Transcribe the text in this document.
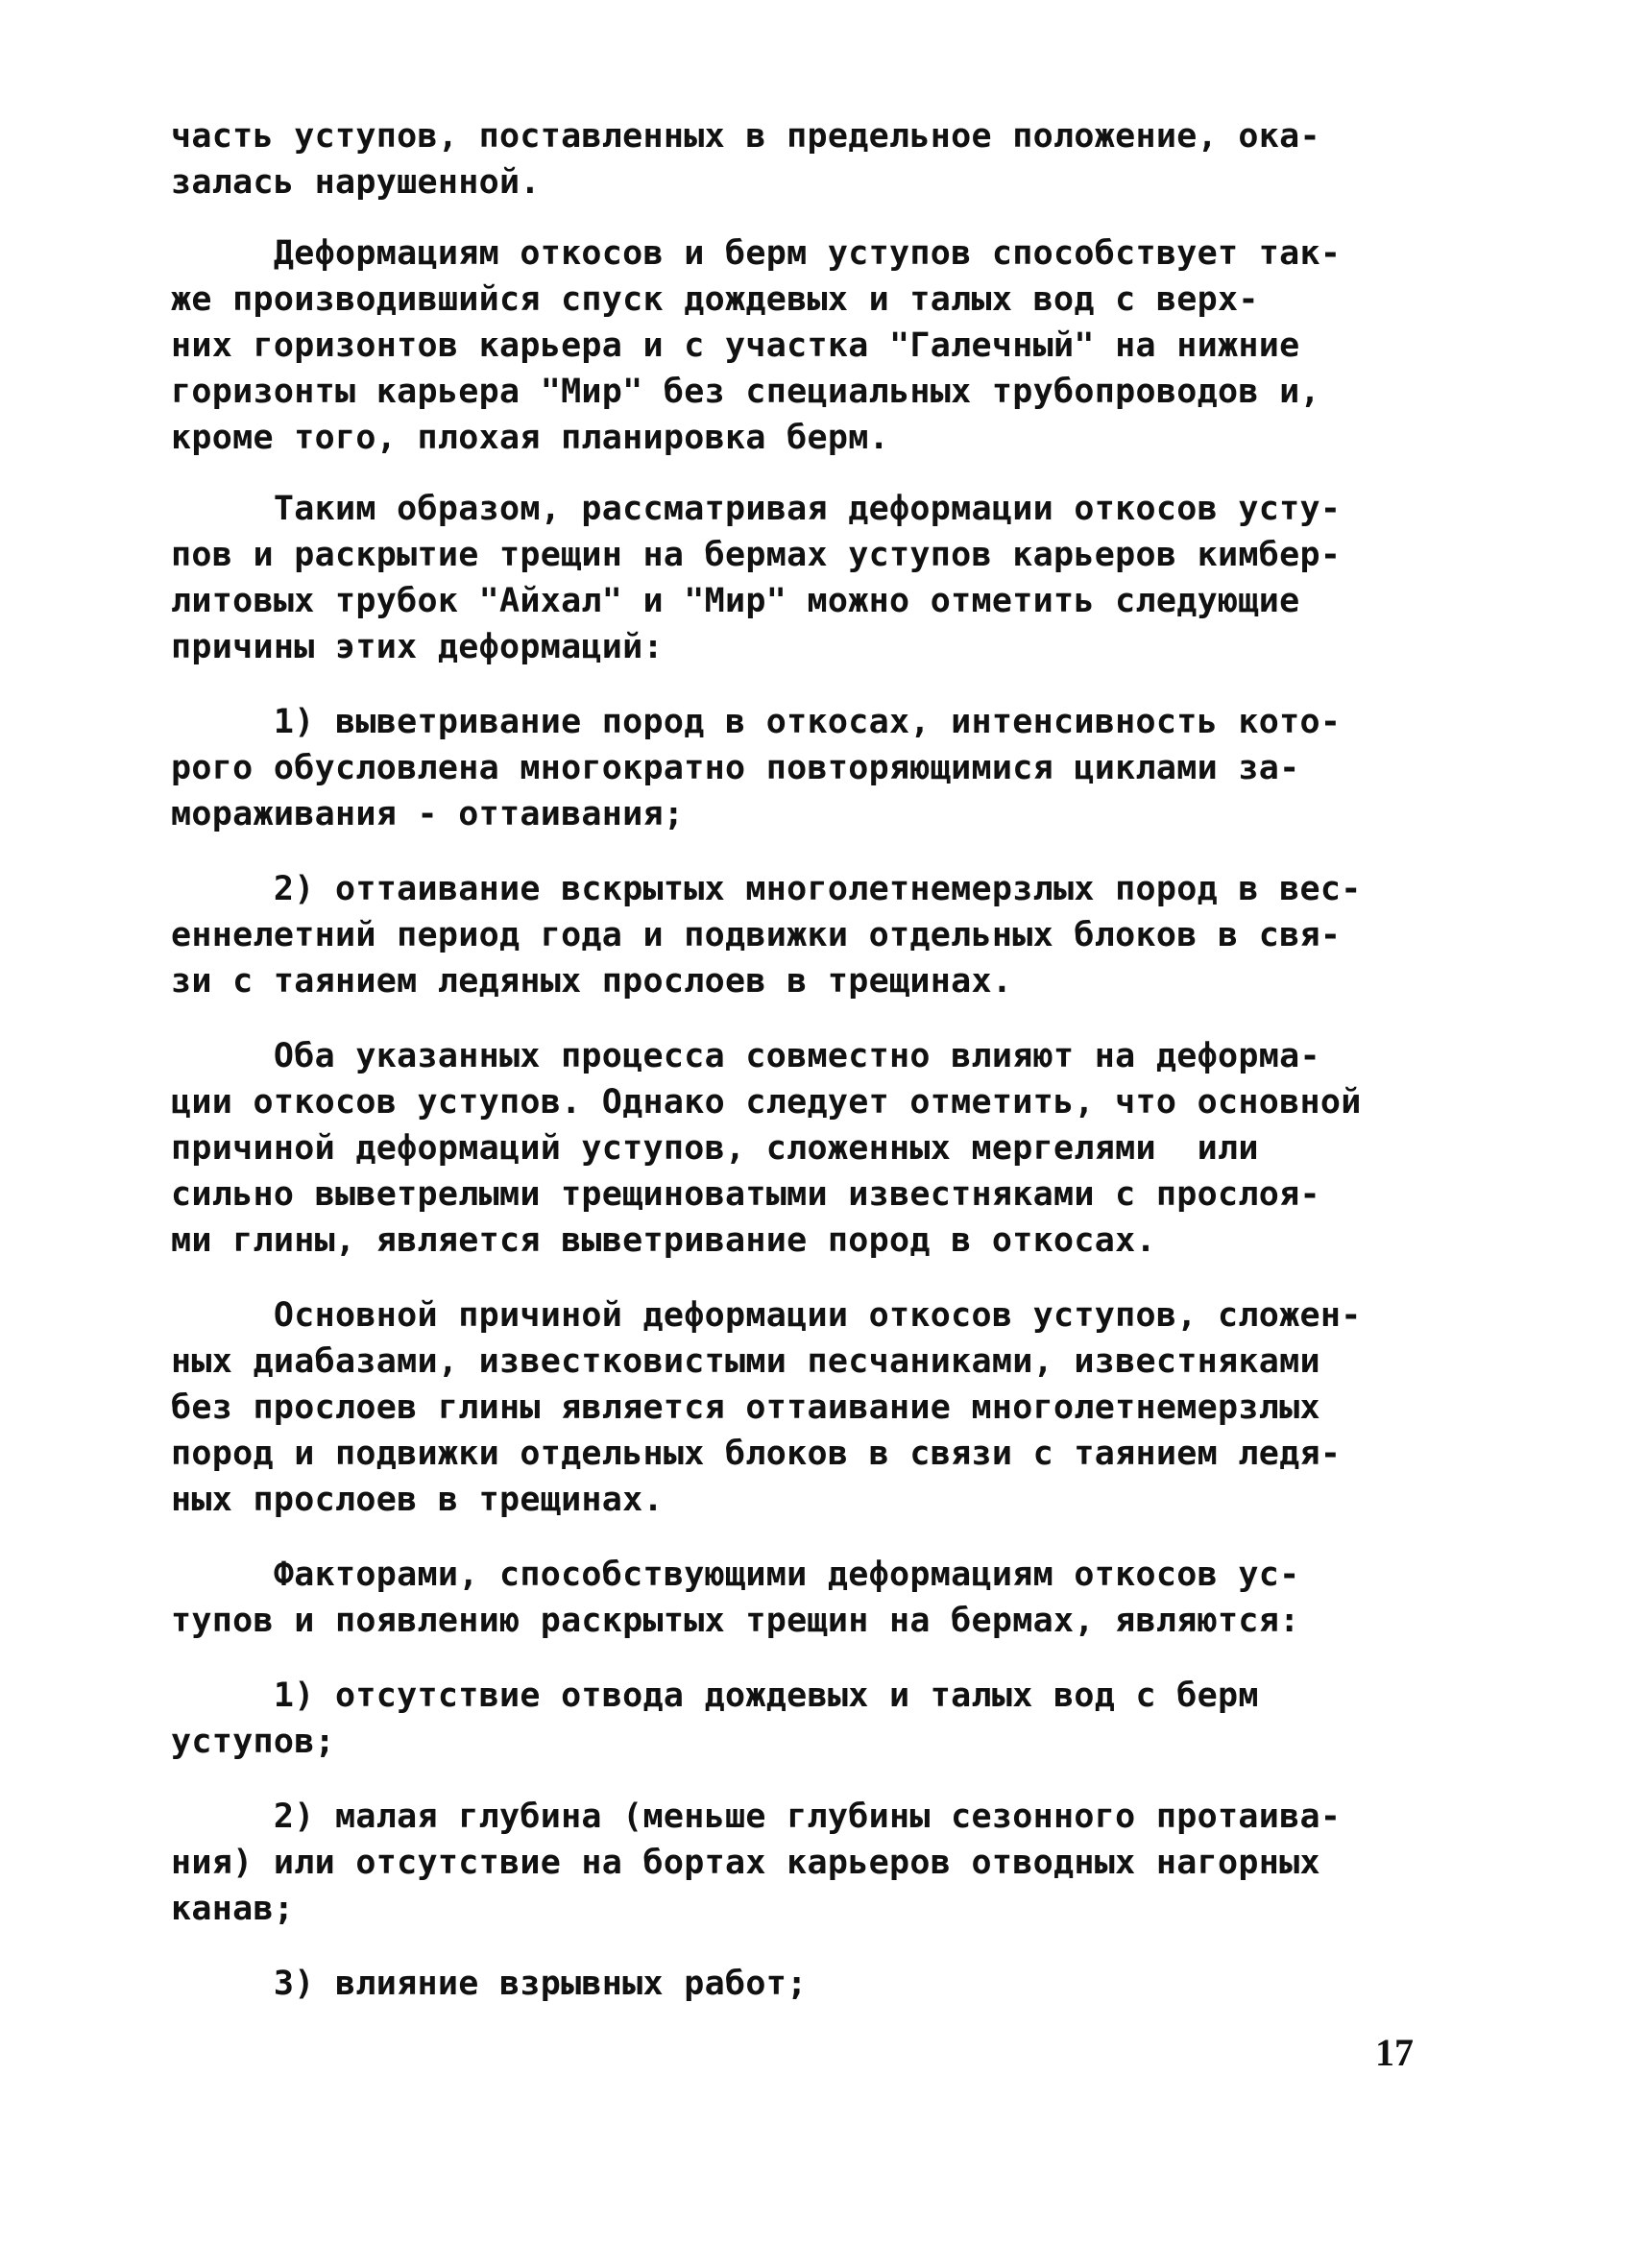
часть уступов, поставленных в предельное положение, ока-
залась нарушенной.

Деформациям откосов и берм уступов способствует так-
же производившийся спуск дождевых и талых вод с верх-
них горизонтов карьера и с участка "Галечный" на нижние
горизонты карьера "Мир" без специальных трубопроводов и,
кроме того, плохая планировка берм.

Таким образом, рассматривая деформации откосов усту-
пов и раскрытие трещин на бермах уступов карьеров кимбер-
литовых трубок "Айхал" и "Мир" можно отметить следующие
причины этих деформаций:

1) выветривание пород в откосах, интенсивность кото-
рого обусловлена многократно повторяющимися циклами за-
мораживания - оттаивания;

2) оттаивание вскрытых многолетнемерзлых пород в вес-
еннелетний период года и подвижки отдельных блоков в свя-
зи с таянием ледяных прослоев в трещинах.

Оба указанных процесса совместно влияют на деформа-
ции откосов уступов. Однако следует отметить, что основной
причиной деформаций уступов, сложенных мергелями  или
сильно выветрелыми трещиноватыми известняками с прослоя-
ми глины, является выветривание пород в откосах.

Основной причиной деформации откосов уступов, сложен-
ных диабазами, известковистыми песчаниками, известняками
без прослоев глины является оттаивание многолетнемерзлых
пород и подвижки отдельных блоков в связи с таянием ледя-
ных прослоев в трещинах.

Факторами, способствующими деформациям откосов ус-
тупов и появлению раскрытых трещин на бермах, являются:

1) отсутствие отвода дождевых и талых вод с берм
уступов;

2) малая глубина (меньше глубины сезонного протаива-
ния) или отсутствие на бортах карьеров отводных нагорных
канав;

3) влияние взрывных работ;

17
